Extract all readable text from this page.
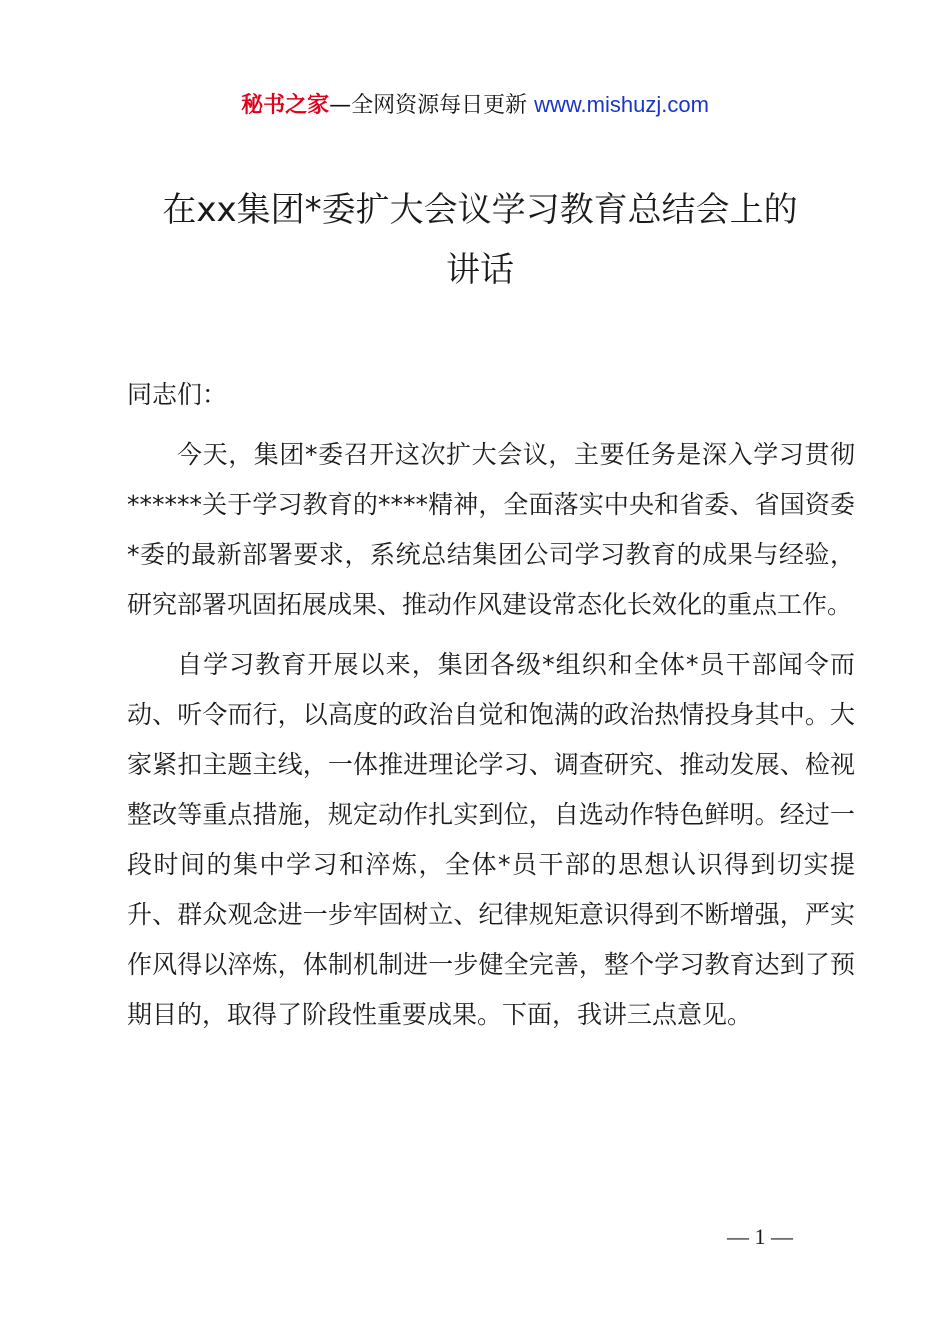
秘书之家—全网资源每日更新 www.mishuzj.com
在xx集团*委扩大会议学习教育总结会上的
讲话

同志们：

今天，集团*委召开这次扩大会议，主要任务是深入学习贯彻******关于学习教育的****精神，全面落实中央和省委、省国资委*委的最新部署要求，系统总结集团公司学习教育的成果与经验，研究部署巩固拓展成果、推动作风建设常态化长效化的重点工作。

自学习教育开展以来，集团各级*组织和全体*员干部闻令而动、听令而行，以高度的政治自觉和饱满的政治热情投身其中。大家紧扣主题主线，一体推进理论学习、调查研究、推动发展、检视整改等重点措施，规定动作扎实到位，自选动作特色鲜明。经过一段时间的集中学习和淬炼，全体*员干部的思想认识得到切实提升、群众观念进一步牢固树立、纪律规矩意识得到不断增强，严实作风得以淬炼，体制机制进一步健全完善，整个学习教育达到了预期目的，取得了阶段性重要成果。下面，我讲三点意见。

— 1 —
